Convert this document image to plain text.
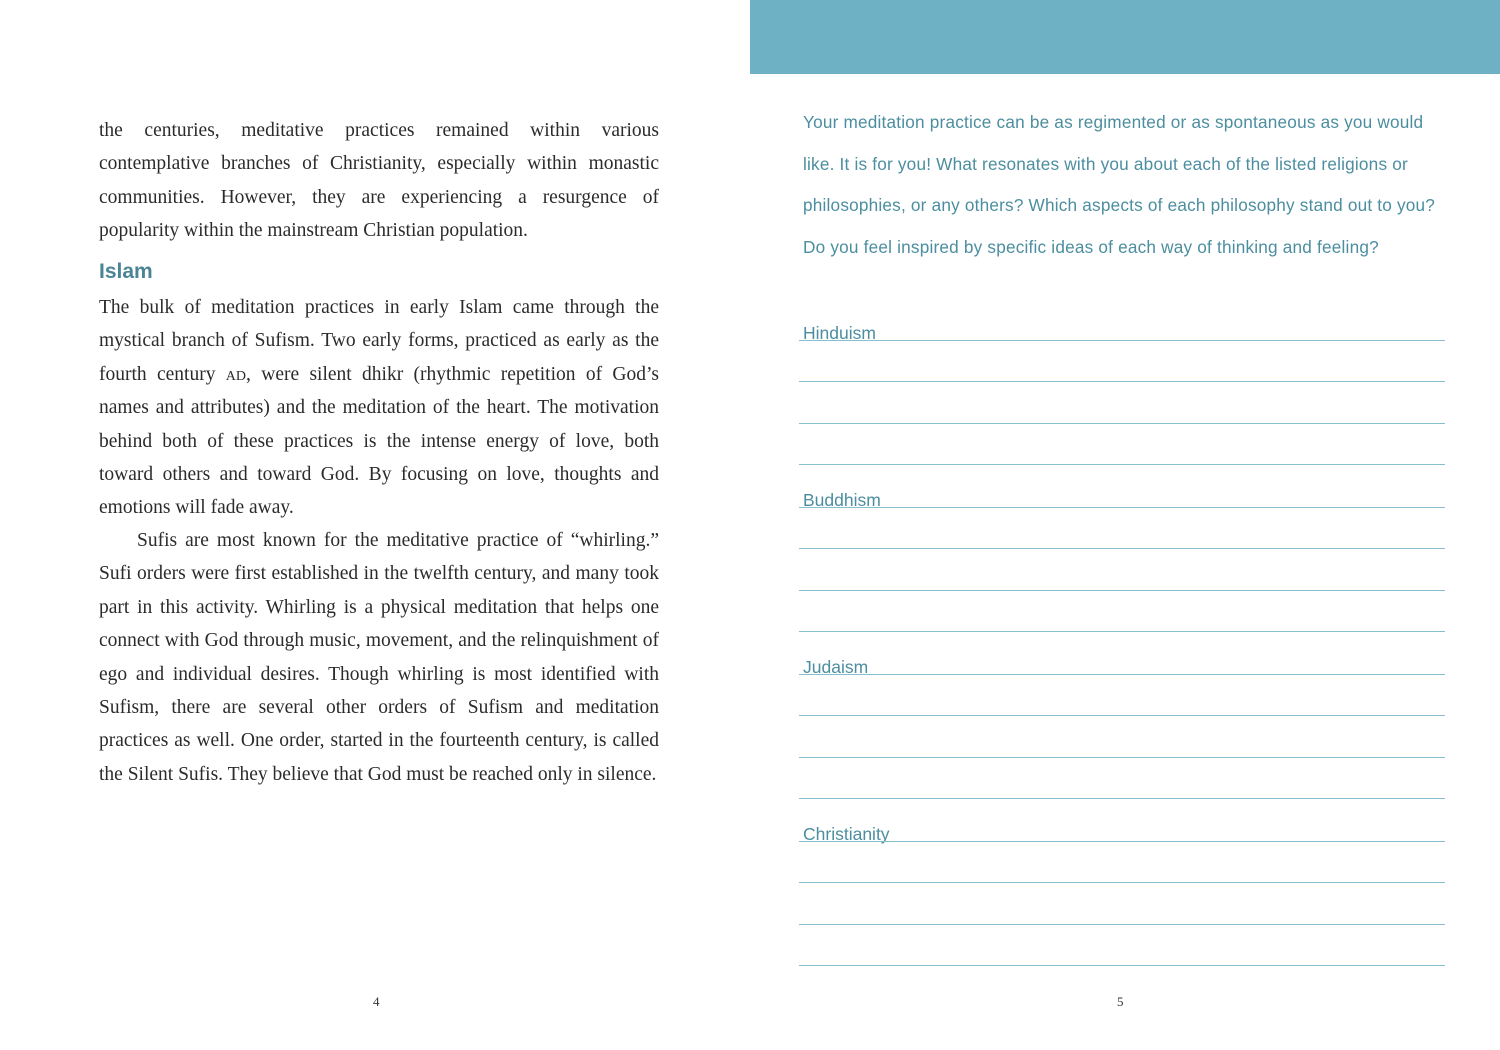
the centuries, meditative practices remained within various contemplative branches of Christianity, especially within monastic communities. However, they are experiencing a resurgence of popularity within the mainstream Christian population.

Islam

The bulk of meditation practices in early Islam came through the mystical branch of Sufism. Two early forms, practiced as early as the fourth century ad, were silent dhikr (rhythmic repetition of God’s names and attributes) and the meditation of the heart. The motivation behind both of these practices is the intense energy of love, both toward others and toward God. By focusing on love, thoughts and emotions will fade away.

Sufis are most known for the meditative practice of “whirling.” Sufi orders were first established in the twelfth century, and many took part in this activity. Whirling is a physical meditation that helps one connect with God through music, movement, and the relinquishment of ego and individual desires. Though whirling is most identified with Sufism, there are several other orders of Sufism and meditation practices as well. One order, started in the fourteenth century, is called the Silent Sufis. They believe that God must be reached only in silence.

4

Your meditation practice can be as regimented or as spontaneous as you would like. It is for you! What resonates with you about each of the listed religions or philosophies, or any others? Which aspects of each philosophy stand out to you? Do you feel inspired by specific ideas of each way of thinking and feeling?

Hinduism
Buddhism
Judaism
Christianity
5
